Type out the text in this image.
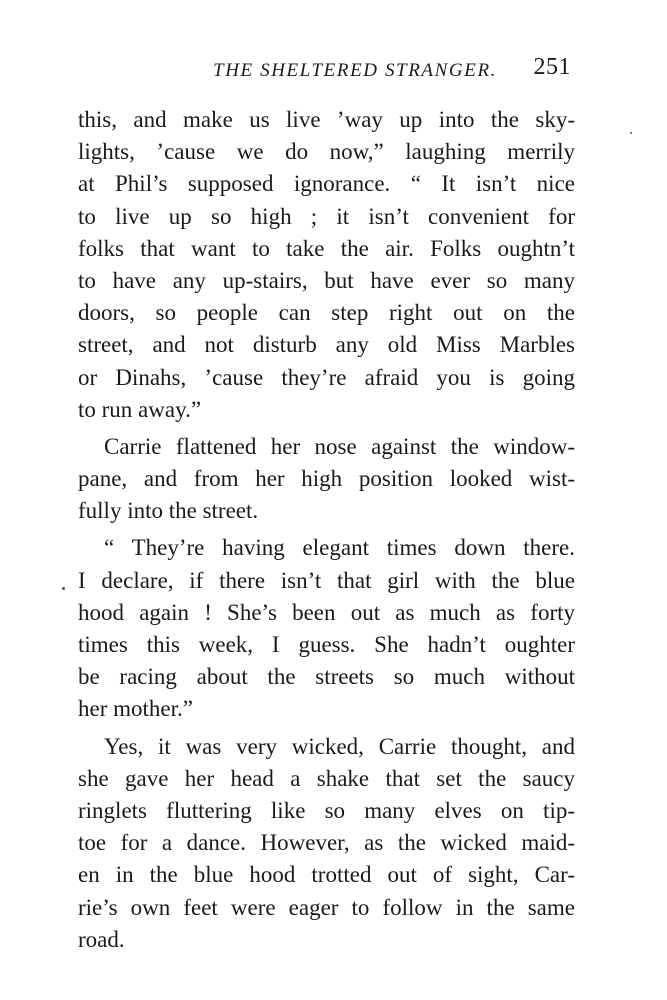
THE SHELTERED STRANGER. 251
this, and make us live ’way up into the sky-
lights, ’cause we do now,” laughing merrily
at Phil’s supposed ignorance. “ It isn’t nice
to live up so high ; it isn’t convenient for
folks that want to take the air. Folks oughtn’t
to have any up-stairs, but have ever so many
doors, so people can step right out on the
street, and not disturb any old Miss Marbles
or Dinahs, ’cause they’re afraid you is going
to run away.”
Carrie flattened her nose against the window-
pane, and from her high position looked wist-
fully into the street.
“ They’re having elegant times down there.
I declare, if there isn’t that girl with the blue
hood again ! She’s been out as much as forty
times this week, I guess. She hadn’t oughter
be racing about the streets so much without
her mother.”
Yes, it was very wicked, Carrie thought, and
she gave her head a shake that set the saucy
ringlets fluttering like so many elves on tip-
toe for a dance. However, as the wicked maid-
en in the blue hood trotted out of sight, Car-
rie’s own feet were eager to follow in the same
road.
